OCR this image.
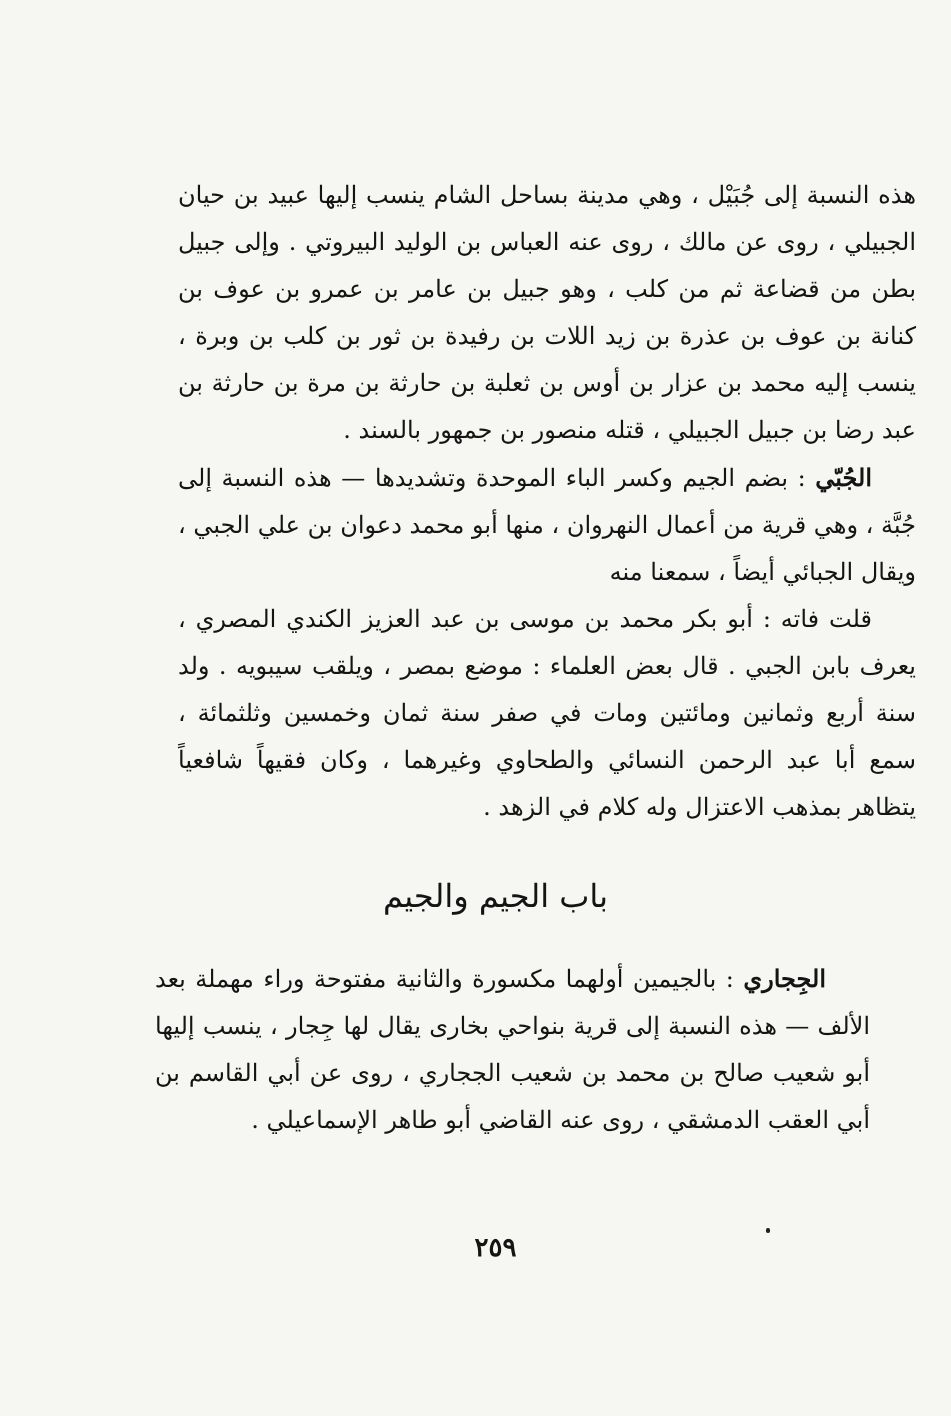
هذه النسبة إلى جُبَيْل ، وهي مدينة بساحل الشام ينسب إليها عبيد بن حيان الجبيلي ، روى عن مالك ، روى عنه العباس بن الوليد البيروتي . وإلى جبيل بطن من قضاعة ثم من كلب ، وهو جبيل بن عامر بن عمرو بن عوف بن كنانة بن عوف بن عذرة بن زيد اللات بن رفيدة بن ثور بن كلب بن وبرة ، ينسب إليه محمد بن عزار بن أوس بن ثعلبة بن حارثة بن مرة بن حارثة بن عبد رضا بن جبيل الجبيلي ، قتله منصور بن جمهور بالسند .

الجُبّي : بضم الجيم وكسر الباء الموحدة وتشديدها — هذه النسبة إلى جُبَّة ، وهي قرية من أعمال النهروان ، منها أبو محمد دعوان بن علي الجبي ، ويقال الجبائي أيضاً ، سمعنا منه

قلت فاته : أبو بكر محمد بن موسى بن عبد العزيز الكندي المصري ، يعرف بابن الجبي . قال بعض العلماء : موضع بمصر ، ويلقب سيبويه . ولد سنة أربع وثمانين ومائتين ومات في صفر سنة ثمان وخمسين وثلثمائة ، سمع أبا عبد الرحمن النسائي والطحاوي وغيرهما ، وكان فقيهاً شافعياً يتظاهر بمذهب الاعتزال وله كلام في الزهد .

باب الجيم والجيم

الجِجاري : بالجيمين أولهما مكسورة والثانية مفتوحة وراء مهملة بعد الألف — هذه النسبة إلى قرية بنواحي بخارى يقال لها جِجار ، ينسب إليها أبو شعيب صالح بن محمد بن شعيب الججاري ، روى عن أبي القاسم بن أبي العقب الدمشقي ، روى عنه القاضي أبو طاهر الإسماعيلي .

٢٥٩
